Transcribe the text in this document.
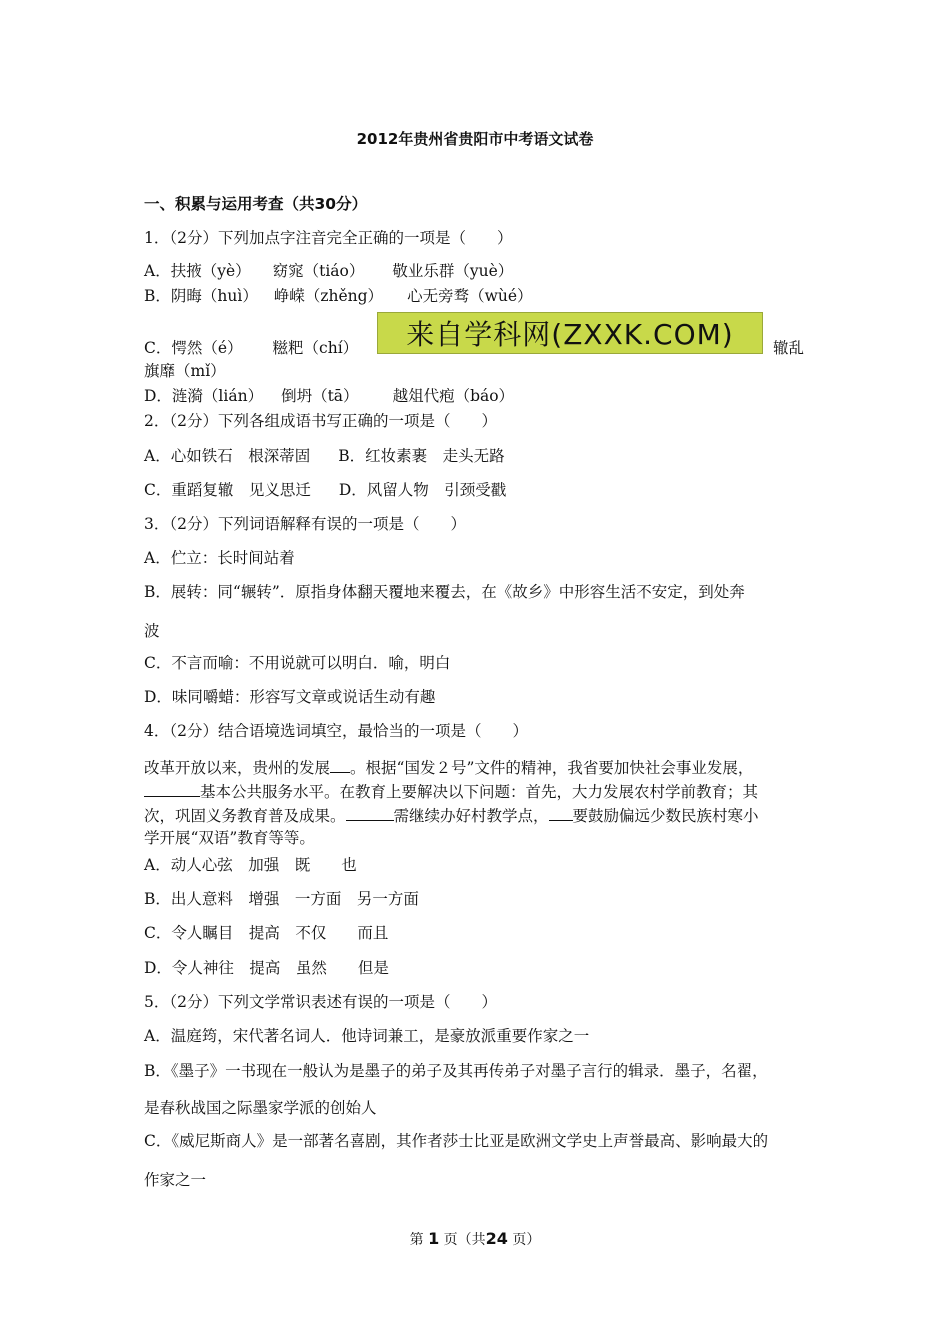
2012年贵州省贵阳市中考语文试卷
一、积累与运用考查（共30分）
1．（2分）下列加点字注音完全正确的一项是（　　）
A．扶掖（yè） 窈窕（tiáo） 敬业乐群（yuè）
B．阴晦（huì） 峥嵘（zhěng） 心无旁骛（wùé）
C．愕然（é） 糍粑（chí）	辙乱
旗靡（mǐ）
来自学科网(ZXXK.COM)
D．涟漪（lián） 倒坍（tā） 越俎代疱（báo）
2．（2分）下列各组成语书写正确的一项是（　　）
A．心如铁石　根深蒂固 B．红妆素裹　走头无路
C．重蹈复辙　见义思迁 D．风留人物　引颈受戳
3．（2分）下列词语解释有误的一项是（　　）
A．伫立：长时间站着
B．展转：同“辗转”．原指身体翻天覆地来覆去，在《故乡》中形容生活不安定，到处奔
波
C．不言而喻：不用说就可以明白．喻，明白
D．味同嚼蜡：形容写文章或说话生动有趣
4．（2分）结合语境选词填空，最恰当的一项是（　　）
改革开放以来，贵州的发展 。根据“国发２号”文件的精神，我省要加快社会事业发展，
基本公共服务水平。在教育上要解决以下问题：首先，大力发展农村学前教育；其
次，巩固义务教育普及成果。	需继续办好村教学点， 要鼓励偏远少数民族村寒小
学开展“双语”教育等等。
A．动人心弦　加强　既　　也
B．出人意料　增强　一方面　另一方面
C．令人瞩目　提高　不仅　　而且
D．令人神往　提高　虽然　　但是
5．（2分）下列文学常识表述有误的一项是（　　）
A．温庭筠，宋代著名词人．他诗词兼工，是豪放派重要作家之一
B．《墨子》一书现在一般认为是墨子的弟子及其再传弟子对墨子言行的辑录．墨子，名翟，
是春秋战国之际墨家学派的创始人
C．《威尼斯商人》是一部著名喜剧，其作者莎士比亚是欧洲文学史上声誉最高、影响最大的
作家之一
第 1 页（共24 页）
